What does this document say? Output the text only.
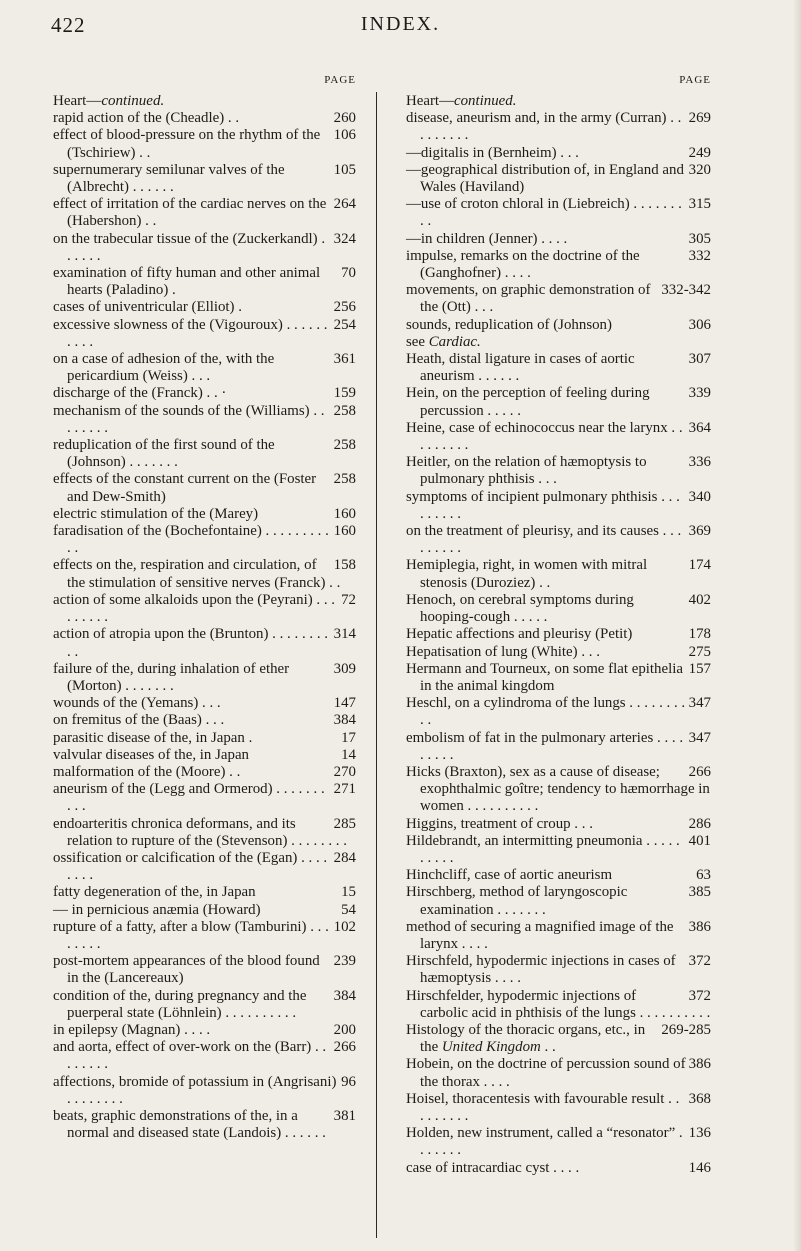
422	INDEX.
PAGE
Heart—continued.
260
rapid action of the (Cheadle) . .
106
effect of blood-pressure on the rhythm of the (Tschiriew) . .
105
supernumerary semilunar valves of the (Albrecht) . . . . . .
264
effect of irritation of the cardiac nerves on the (Habershon) . .
324
on the trabecular tissue of the (Zuckerkandl) . . . . . .
70
examination of fifty human and other animal hearts (Paladino) .
256
cases of univentricular (Elliot) .
254
excessive slowness of the (Vigouroux) . . . . . . . . . .
361
on a case of adhesion of the, with the pericardium (Weiss) . . .
159
discharge of the (Franck) . . ·
258
mechanism of the sounds of the (Williams) . . . . . . . .
258
reduplication of the first sound of the (Johnson) . . . . . . .
258
effects of the constant current on the (Foster and Dew-Smith)
160
electric stimulation of the (Marey)
160
faradisation of the (Bochefontaine) . . . . . . . . . . .
158
effects on the, respiration and circulation, of the stimulation of sensitive nerves (Franck) . .
72
action of some alkaloids upon the (Peyrani) . . . . . . . . .
314
action of atropia upon the (Brunton) . . . . . . . . . .
309
failure of the, during inhalation of ether (Morton) . . . . . . .
147
wounds of the (Yemans) . . .
384
on fremitus of the (Baas) . . .
17
parasitic disease of the, in Japan .
14
valvular diseases of the, in Japan
270
malformation of the (Moore) . .
271
aneurism of the (Legg and Ormerod) . . . . . . . . . .
285
endoarteritis chronica deformans, and its relation to rupture of the (Stevenson) . . . . . . . .
284
ossification or calcification of the (Egan) . . . . . . . .
15
fatty degeneration of the, in Japan
54
— in pernicious anæmia (Howard)
102
rupture of a fatty, after a blow (Tamburini) . . . . . . . .
239
post-mortem appearances of the blood found in the (Lancereaux)
384
condition of the, during pregnancy and the puerperal state (Löhnlein) . . . . . . . . . .
200
in epilepsy (Magnan) . . . .
266
and aorta, effect of over-work on the (Barr) . . . . . . . .
96
affections, bromide of potassium in (Angrisani) . . . . . . . .
381
beats, graphic demonstrations of the, in a normal and diseased state (Landois) . . . . . .
PAGE
Heart—continued.
269
disease, aneurism and, in the army (Curran) . . . . . . . . .
249
—digitalis in (Bernheim) . . .
320
—geographical distribution of, in England and Wales (Haviland)
315
—use of croton chloral in (Liebreich) . . . . . . . . .
305
—in children (Jenner) . . . .
332
impulse, remarks on the doctrine of the (Ganghofner) . . . .
332-342
movements, on graphic demonstration of the (Ott) . . .
306
sounds, reduplication of (Johnson)
see Cardiac.
307
Heath, distal ligature in cases of aortic aneurism . . . . . .
339
Hein, on the perception of feeling during percussion . . . . .
364
Heine, case of echinococcus near the larynx . . . . . . . . .
336
Heitler, on the relation of hæmoptysis to pulmonary phthisis . . .
340
symptoms of incipient pulmonary phthisis . . . . . . . . .
369
on the treatment of pleurisy, and its causes . . . . . . . . .
174
Hemiplegia, right, in women with mitral stenosis (Duroziez) . .
402
Henoch, on cerebral symptoms during hooping-cough . . . . .
178
Hepatic affections and pleurisy (Petit)
275
Hepatisation of lung (White) . . .
157
Hermann and Tourneux, on some flat epithelia in the animal kingdom
347
Heschl, on a cylindroma of the lungs . . . . . . . . . .
347
embolism of fat in the pulmonary arteries . . . . . . . . .
266
Hicks (Braxton), sex as a cause of disease; exophthalmic goître; tendency to hæmorrhage in women . . . . . . . . . .
286
Higgins, treatment of croup . . .
401
Hildebrandt, an intermitting pneumonia . . . . . . . . . .
63
Hinchcliff, case of aortic aneurism
385
Hirschberg, method of laryngoscopic examination . . . . . . .
386
method of securing a magnified image of the larynx . . . .
372
Hirschfeld, hypodermic injections in cases of hæmoptysis . . . .
372
Hirschfelder, hypodermic injections of carbolic acid in phthisis of the lungs . . . . . . . . . .
269-285
Histology of the thoracic organs, etc., in the United Kingdom . .
386
Hobein, on the doctrine of percussion sound of the thorax . . . .
368
Hoisel, thoracentesis with favourable result . . . . . . . . .
136
Holden, new instrument, called a “resonator” . . . . . . .
146
case of intracardiac cyst . . . .
